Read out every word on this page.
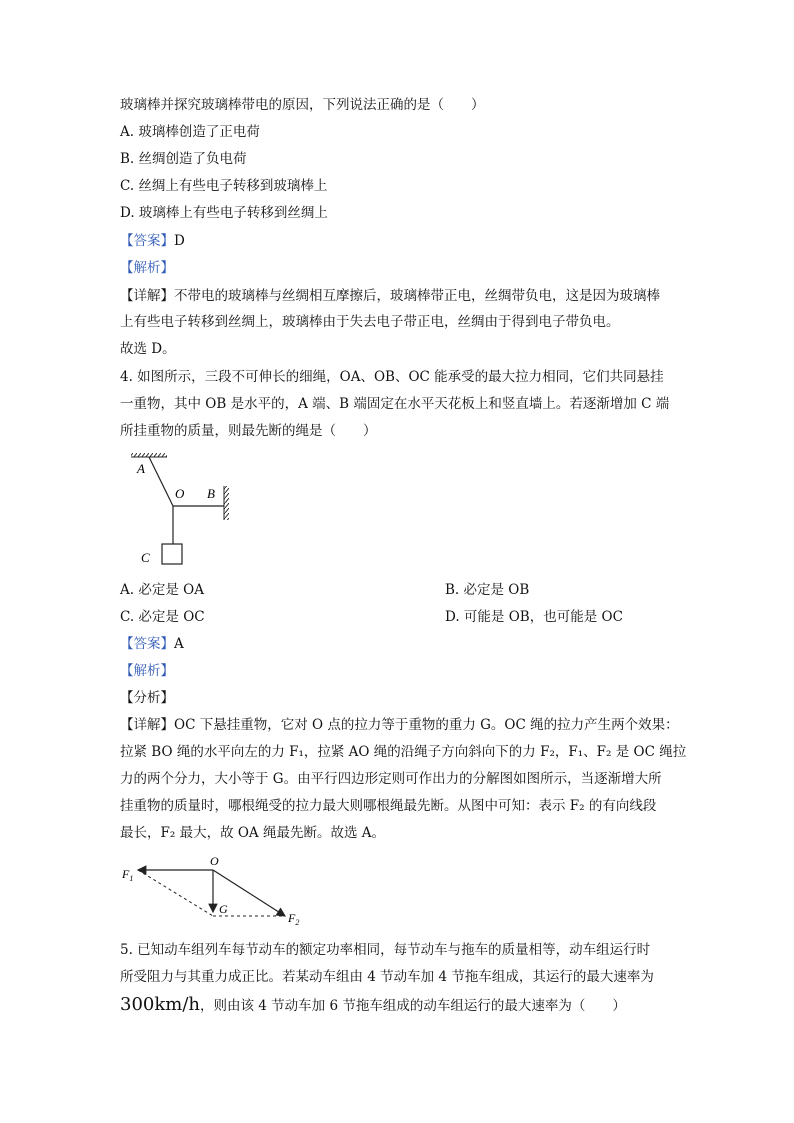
玻璃棒并探究玻璃棒带电的原因，下列说法正确的是（　　）
A. 玻璃棒创造了正电荷
B. 丝绸创造了负电荷
C. 丝绸上有些电子转移到玻璃棒上
D. 玻璃棒上有些电子转移到丝绸上
【答案】D
【解析】
【详解】不带电的玻璃棒与丝绸相互摩擦后，玻璃棒带正电，丝绸带负电，这是因为玻璃棒
上有些电子转移到丝绸上，玻璃棒由于失去电子带正电，丝绸由于得到电子带负电。
故选 D。
4. 如图所示，三段不可伸长的细绳，OA、OB、OC 能承受的最大拉力相同，它们共同悬挂
一重物，其中 OB 是水平的，A 端、B 端固定在水平天花板上和竖直墙上。若逐渐增加 C 端
所挂重物的质量，则最先断的绳是（　　）
A
O B
C
A. 必定是 OA	B. 必定是 OB
C. 必定是 OC	D. 可能是 OB，也可能是 OC
【答案】A
【解析】
【分析】
【详解】OC 下悬挂重物，它对 O 点的拉力等于重物的重力 G。OC 绳的拉力产生两个效果：
拉紧 BO 绳的水平向左的力 F₁，拉紧 AO 绳的沿绳子方向斜向下的力 F₂，F₁、F₂ 是 OC 绳拉
力的两个分力，大小等于 G。由平行四边形定则可作出力的分解图如图所示，当逐渐增大所
挂重物的质量时，哪根绳受的拉力最大则哪根绳最先断。从图中可知：表示 F₂ 的有向线段
最长，F₂ 最大，故 OA 绳最先断。故选 A。
O
$F_1$
G
$F_2$
5. 已知动车组列车每节动车的额定功率相同，每节动车与拖车的质量相等，动车组运行时
所受阻力与其重力成正比。若某动车组由 4 节动车加 4 节拖车组成，其运行的最大速率为
300km/h，则由该 4 节动车加 6 节拖车组成的动车组运行的最大速率为（　　）
